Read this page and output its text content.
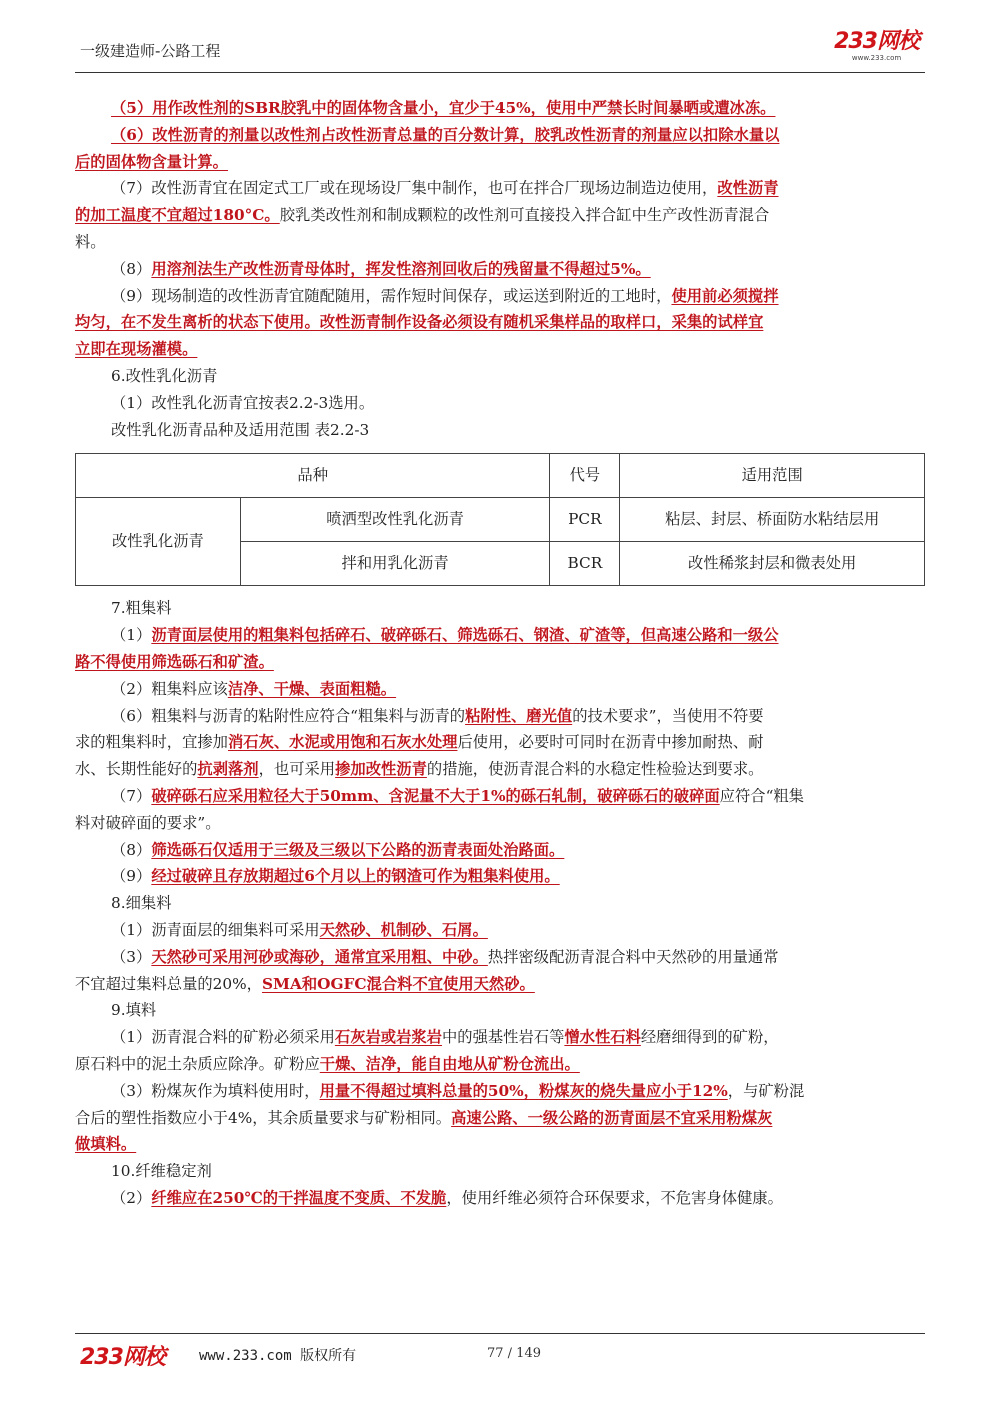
一级建造师-公路工程	233网校
www.233.com

（5）用作改性剂的SBR胶乳中的固体物含量小，宜少于45%，使用中严禁长时间暴晒或遭冰冻。

（6）改性沥青的剂量以改性剂占改性沥青总量的百分数计算，胶乳改性沥青的剂量应以扣除水量以

后的固体物含量计算。

（7）改性沥青宜在固定式工厂或在现场设厂集中制作，也可在拌合厂现场边制造边使用，改性沥青

的加工温度不宜超过180°C。胶乳类改性剂和制成颗粒的改性剂可直接投入拌合缸中生产改性沥青混合

料。

（8）用溶剂法生产改性沥青母体时，挥发性溶剂回收后的残留量不得超过5%。

（9）现场制造的改性沥青宜随配随用，需作短时间保存，或运送到附近的工地时，使用前必须搅拌

均匀，在不发生离析的状态下使用。改性沥青制作设备必须设有随机采集样品的取样口，采集的试样宜

立即在现场灌模。

6.改性乳化沥青

（1）改性乳化沥青宜按表2.2-3选用。

改性乳化沥青品种及适用范围 表2.2-3

品种		代号	适用范围
改性乳化沥青	喷洒型改性乳化沥青	PCR	粘层、封层、桥面防水粘结层用
	拌和用乳化沥青	BCR	改性稀浆封层和微表处用

7.粗集料

（1）沥青面层使用的粗集料包括碎石、破碎砾石、筛选砾石、钢渣、矿渣等，但高速公路和一级公

路不得使用筛选砾石和矿渣。

（2）粗集料应该洁净、干燥、表面粗糙。

（6）粗集料与沥青的粘附性应符合“粗集料与沥青的粘附性、磨光值的技术要求”，当使用不符要

求的粗集料时，宜掺加消石灰、水泥或用饱和石灰水处理后使用，必要时可同时在沥青中掺加耐热、耐

水、长期性能好的抗剥落剂，也可采用掺加改性沥青的措施，使沥青混合料的水稳定性检验达到要求。

（7）破碎砾石应采用粒径大于50mm、含泥量不大于1%的砾石轧制，破碎砾石的破碎面应符合“粗集

料对破碎面的要求”。

（8）筛选砾石仅适用于三级及三级以下公路的沥青表面处治路面。

（9）经过破碎且存放期超过6个月以上的钢渣可作为粗集料使用。

8.细集料

（1）沥青面层的细集料可采用天然砂、机制砂、石屑。

（3）天然砂可采用河砂或海砂，通常宜采用粗、中砂。热拌密级配沥青混合料中天然砂的用量通常

不宜超过集料总量的20%，SMA和OGFC混合料不宜使用天然砂。

9.填料

（1）沥青混合料的矿粉必须采用石灰岩或岩浆岩中的强基性岩石等憎水性石料经磨细得到的矿粉，

原石料中的泥土杂质应除净。矿粉应干燥、洁净，能自由地从矿粉仓流出。

（3）粉煤灰作为填料使用时，用量不得超过填料总量的50%，粉煤灰的烧失量应小于12%，与矿粉混

合后的塑性指数应小于4%，其余质量要求与矿粉相同。高速公路、一级公路的沥青面层不宜采用粉煤灰

做填料。

10.纤维稳定剂

（2）纤维应在250℃的干拌温度不变质、不发脆，使用纤维必须符合环保要求，不危害身体健康。

233网校 www.233.com 版权所有	77 / 149
